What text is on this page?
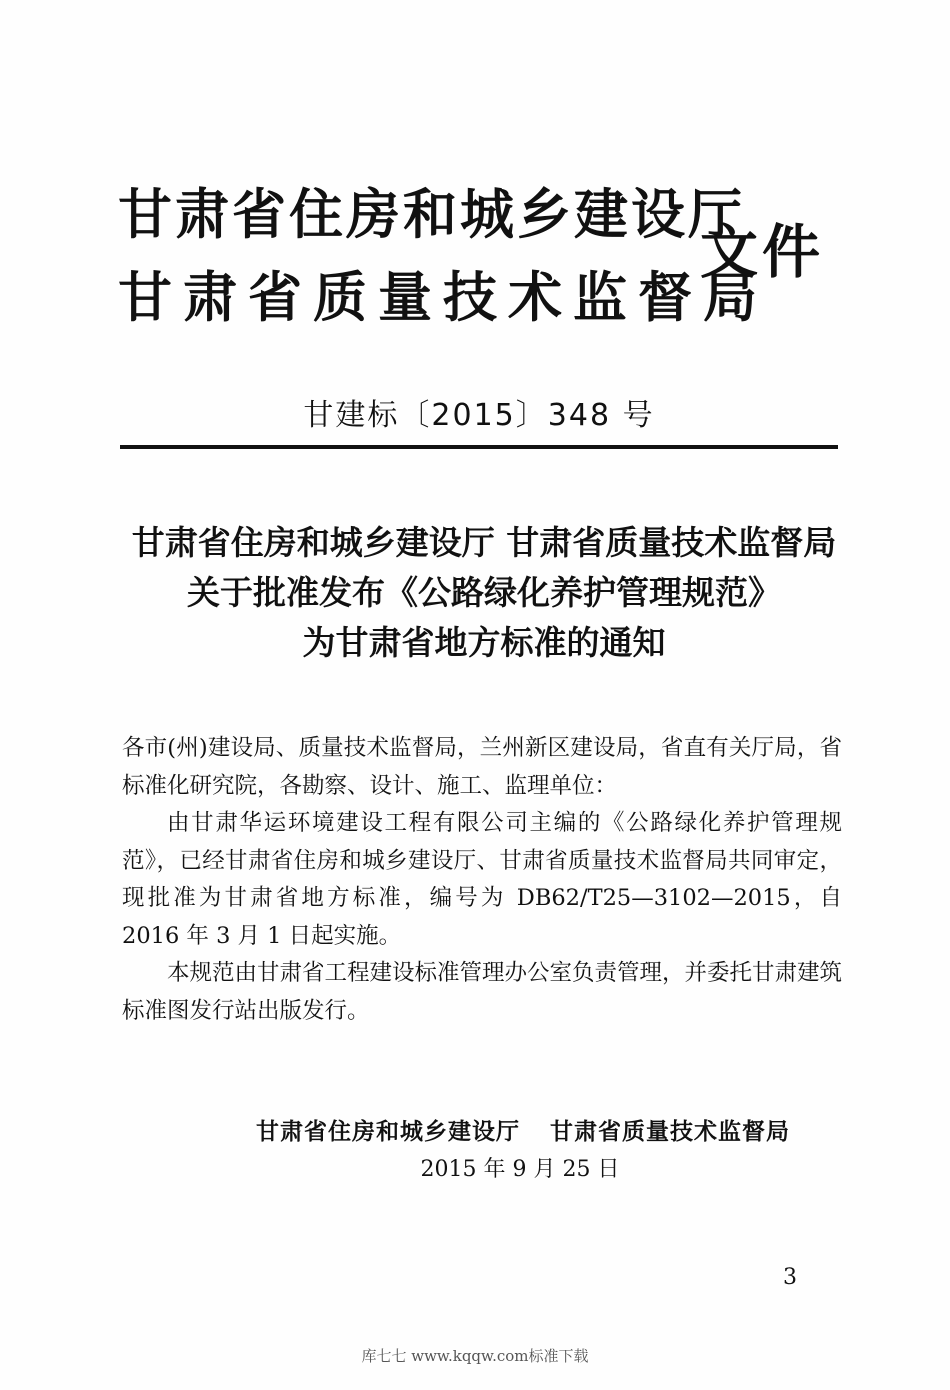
甘肃省住房和城乡建设厅
甘肃省质量技术监督局
文件
甘建标〔2015〕348 号
甘肃省住房和城乡建设厅 甘肃省质量技术监督局
关于批准发布《公路绿化养护管理规范》
为甘肃省地方标准的通知

各市(州)建设局、质量技术监督局，兰州新区建设局，省直有关厅局，省标准化研究院，各勘察、设计、施工、监理单位：

由甘肃华运环境建设工程有限公司主编的《公路绿化养护管理规范》，已经甘肃省住房和城乡建设厅、甘肃省质量技术监督局共同审定，现批准为甘肃省地方标准，编号为 DB62/T25—3102—2015，自 2016 年 3 月 1 日起实施。

本规范由甘肃省工程建设标准管理办公室负责管理，并委托甘肃建筑标准图发行站出版发行。

甘肃省住房和城乡建设厅 甘肃省质量技术监督局
2015 年 9 月 25 日
3
库七七 www.kqqw.com标准下载
